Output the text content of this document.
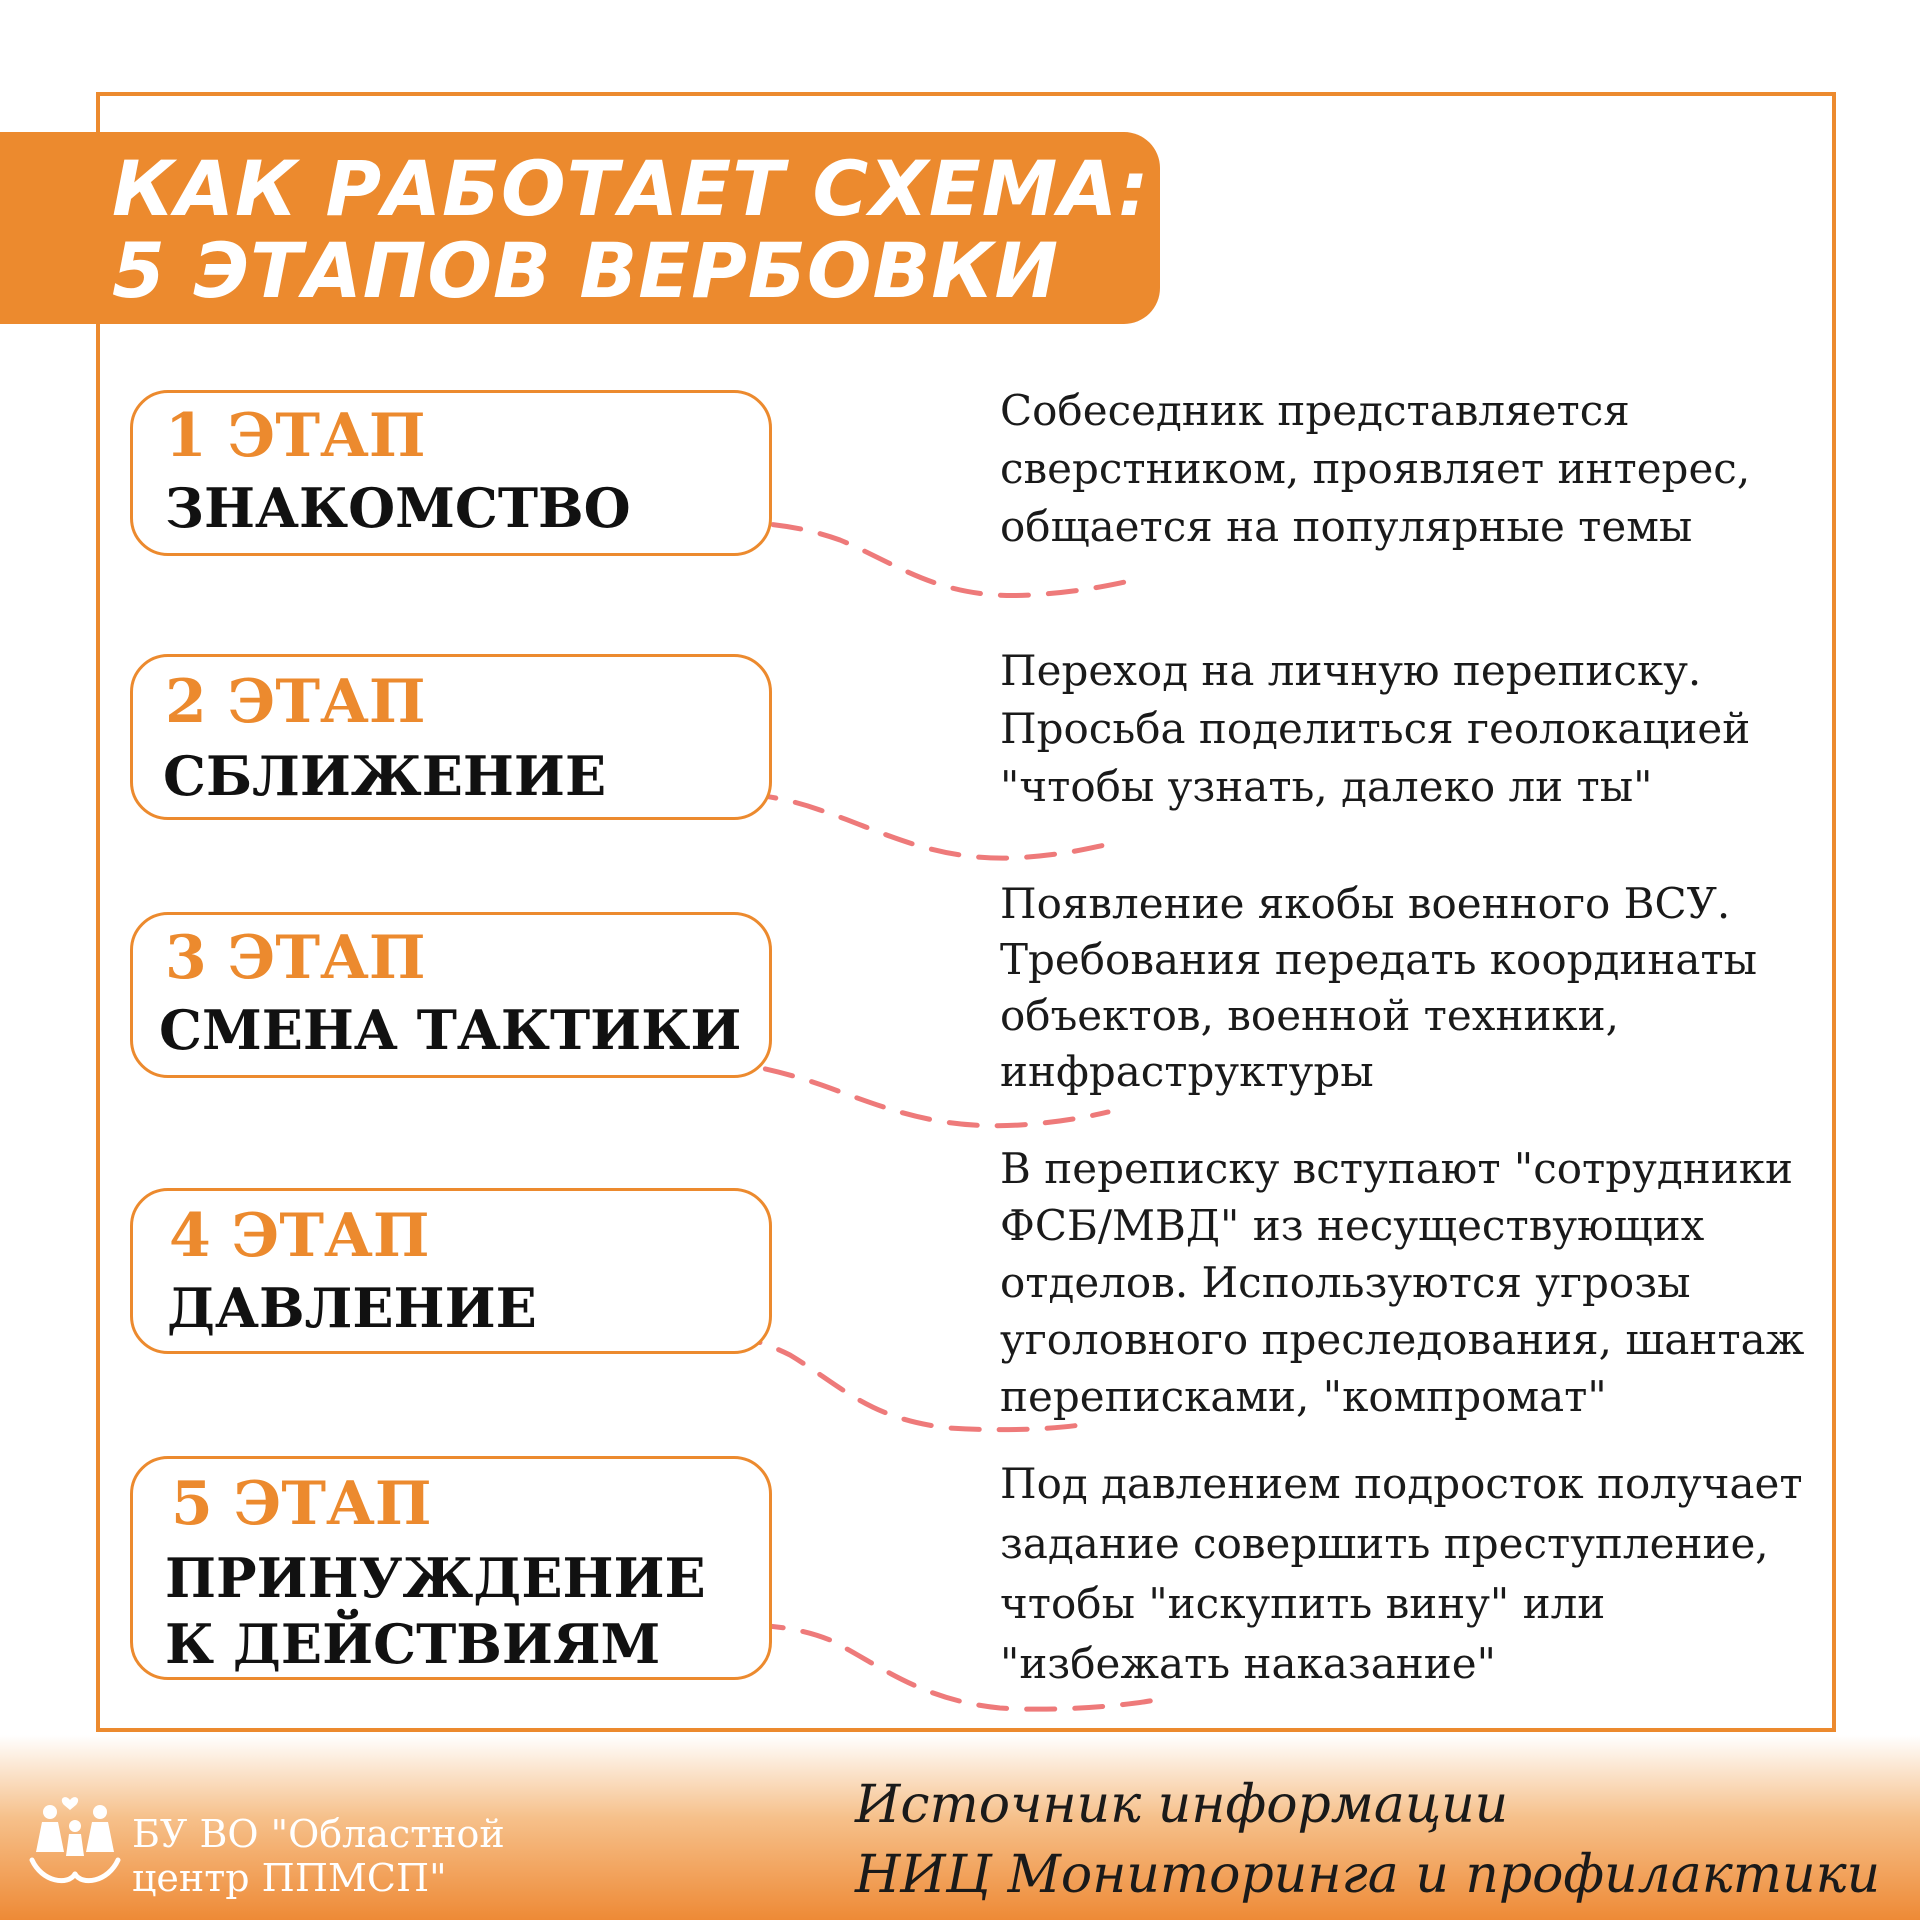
КАК РАБОТАЕТ СХЕМА:
5 ЭТАПОВ ВЕРБОВКИ
1 ЭТАП
ЗНАКОМСТВО
Собеседник представляется
сверстником, проявляет интерес,
общается на популярные темы
2 ЭТАП
СБЛИЖЕНИЕ
Переход на личную переписку.
Просьба поделиться геолокацией
"чтобы узнать, далеко ли ты"
3 ЭТАП
СМЕНА ТАКТИКИ
Появление якобы военного ВСУ.
Требования передать координаты
объектов, военной техники,
инфраструктуры
4 ЭТАП
ДАВЛЕНИЕ
В переписку вступают "сотрудники
ФСБ/МВД" из несуществующих
отделов. Используются угрозы
уголовного преследования, шантаж
переписками, "компромат"
5 ЭТАП
ПРИНУЖДЕНИЕ
К ДЕЙСТВИЯМ
Под давлением подросток получает
задание совершить преступление,
чтобы "искупить вину" или
"избежать наказание"
БУ ВО "Областной
центр ППМСП"
Источник информации
НИЦ Мониторинга и профилактики
